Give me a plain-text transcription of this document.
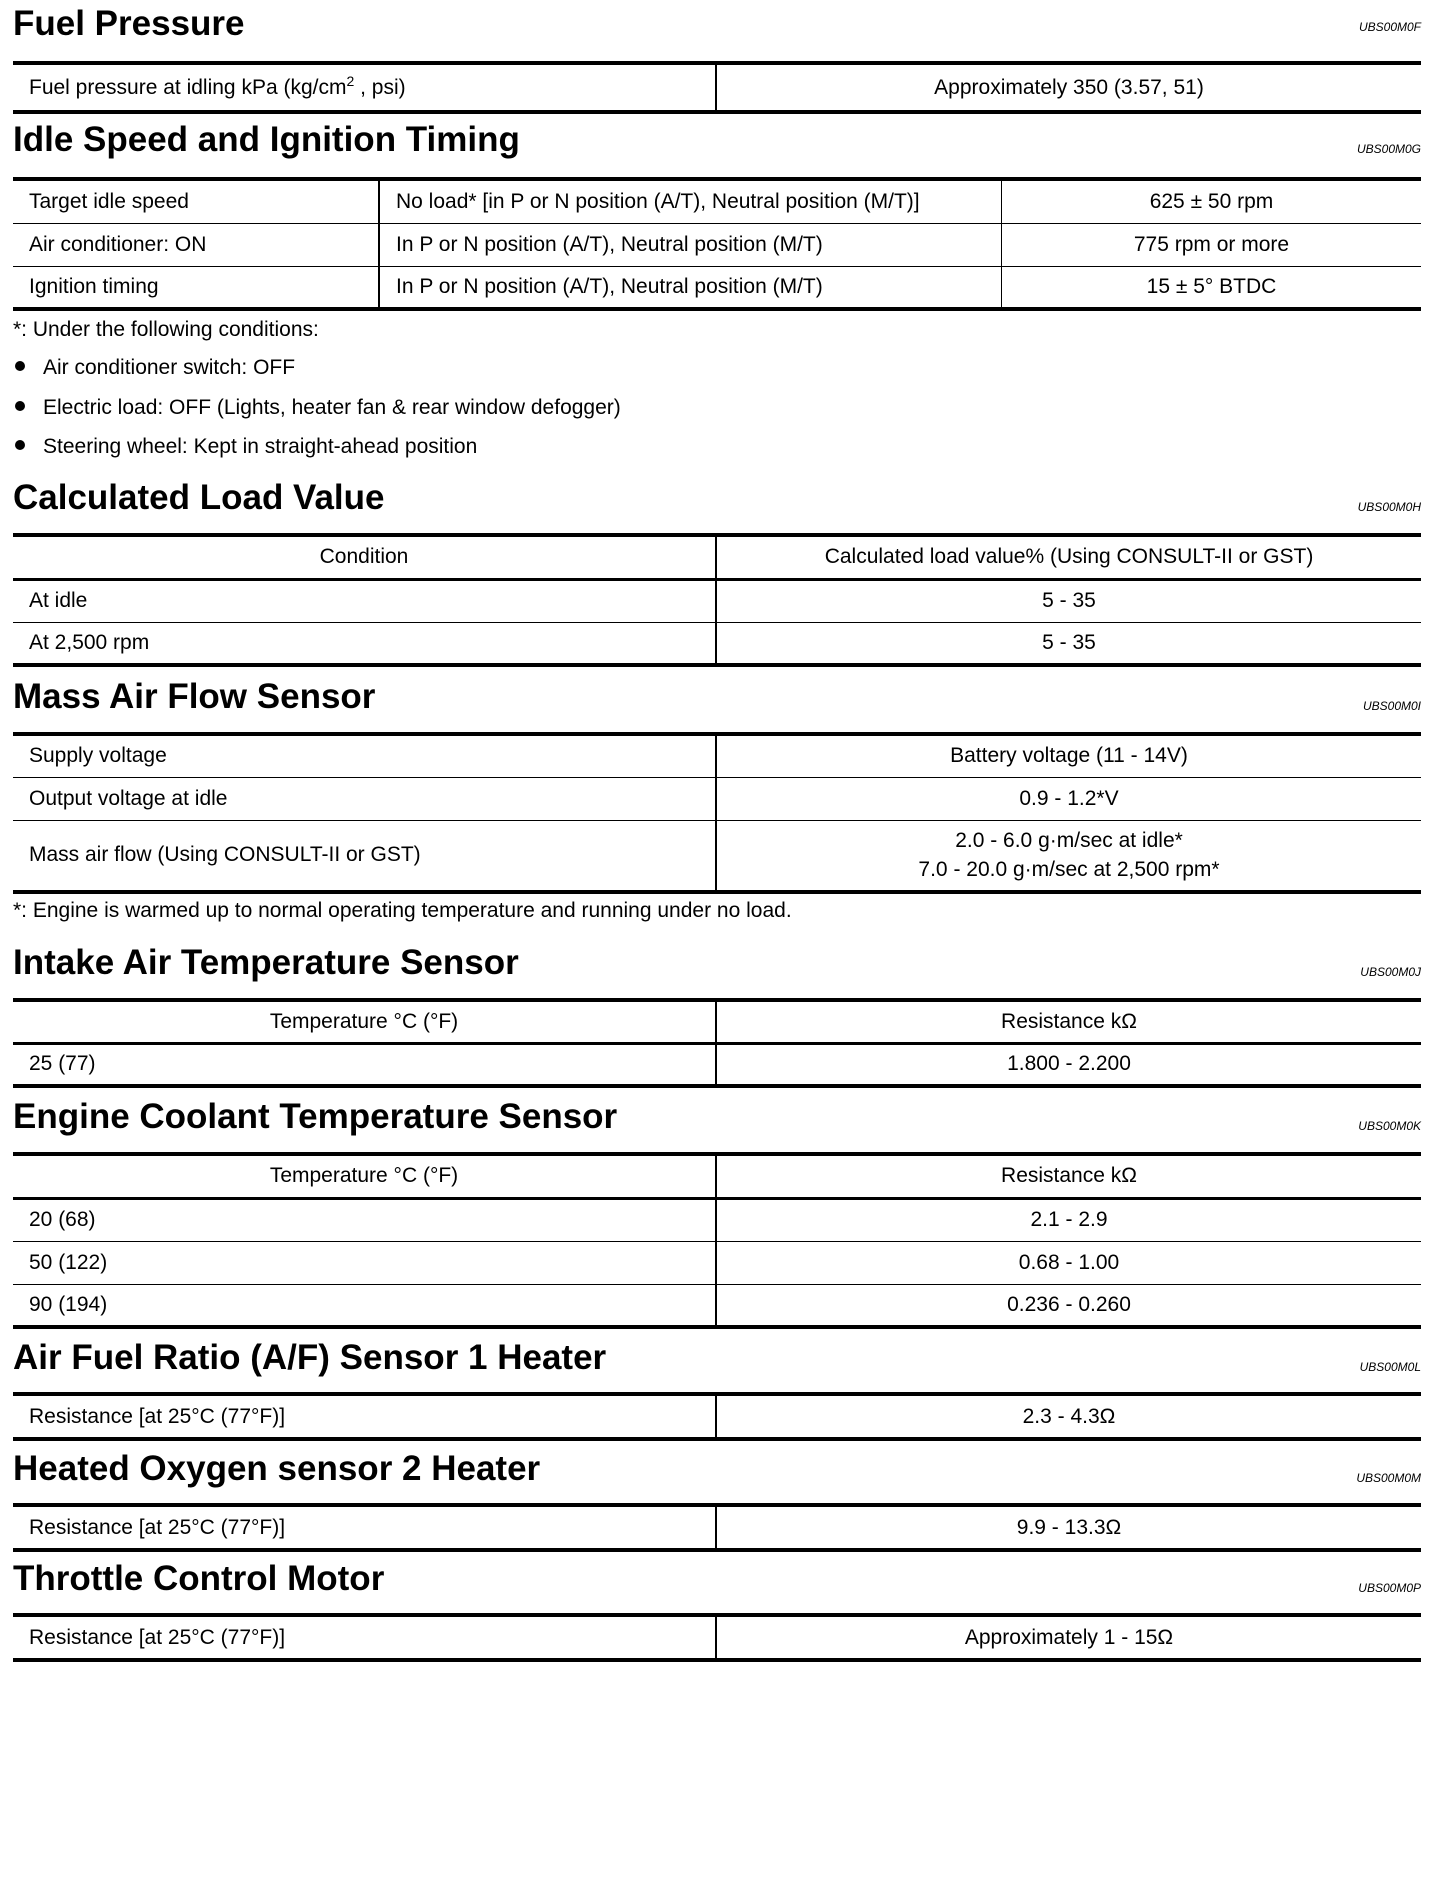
Fuel Pressure	UBS00M0F
Fuel pressure at idling kPa ($kg/cm^2$ , psi)	Approximately 350 (3.57, 51)
Idle Speed and Ignition Timing	UBS00M0G
Target idle speed	No load* [in P or N position (A/T), Neutral position (M/T)]	625 ± 50 rpm
Air conditioner: ON	In P or N position (A/T), Neutral position (M/T)	775 rpm or more
Ignition timing	In P or N position (A/T), Neutral position (M/T)	15 ± 5° BTDC
*: Under the following conditions:
Air conditioner switch: OFF
Electric load: OFF (Lights, heater fan & rear window defogger)
Steering wheel: Kept in straight-ahead position
Calculated Load Value	UBS00M0H
Condition	Calculated load value% (Using CONSULT-II or GST)
At idle	5 - 35
At 2,500 rpm	5 - 35
Mass Air Flow Sensor	UBS00M0I
Supply voltage	Battery voltage (11 - 14V)
Output voltage at idle	0.9 - 1.2*V
Mass air flow (Using CONSULT-II or GST)	2.0 - 6.0 g·m/sec at idle*
7.0 - 20.0 g·m/sec at 2,500 rpm*
*: Engine is warmed up to normal operating temperature and running under no load.
Intake Air Temperature Sensor	UBS00M0J
Temperature °C (°F)	Resistance kΩ
25 (77)	1.800 - 2.200
Engine Coolant Temperature Sensor	UBS00M0K
Temperature °C (°F)	Resistance kΩ
20 (68)	2.1 - 2.9
50 (122)	0.68 - 1.00
90 (194)	0.236 - 0.260
Air Fuel Ratio (A/F) Sensor 1 Heater	UBS00M0L
Resistance [at 25°C (77°F)]	2.3 - 4.3Ω
Heated Oxygen sensor 2 Heater	UBS00M0M
Resistance [at 25°C (77°F)]	9.9 - 13.3Ω
Throttle Control Motor	UBS00M0P
Resistance [at 25°C (77°F)]	Approximately 1 - 15Ω
